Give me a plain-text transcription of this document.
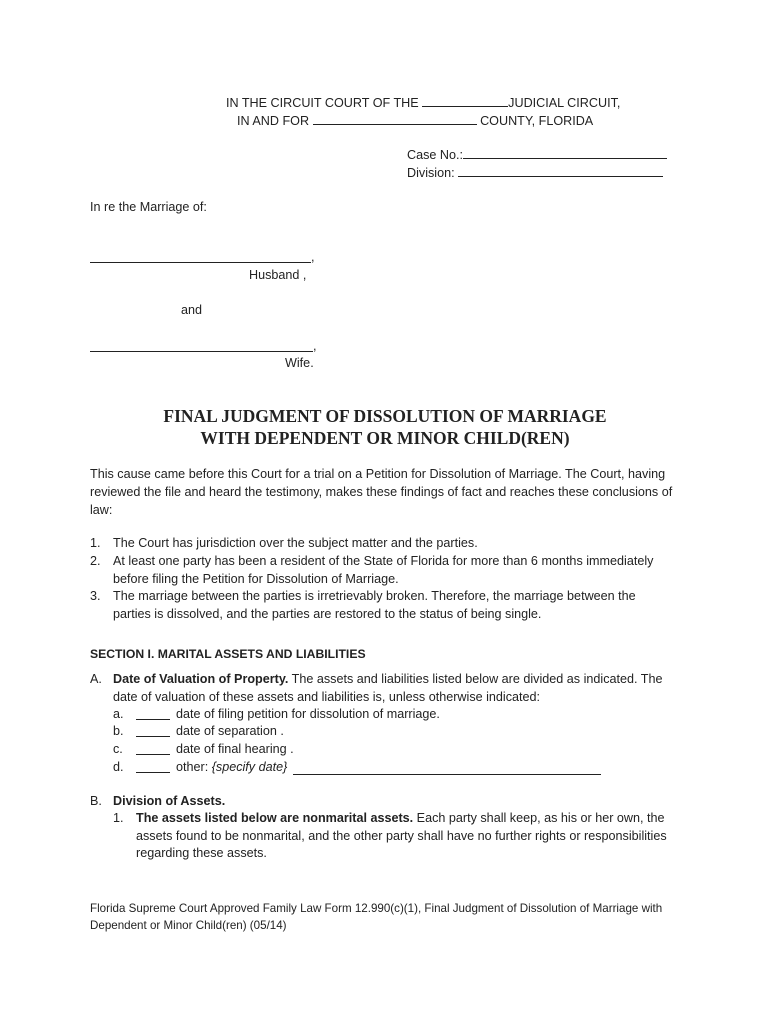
IN THE CIRCUIT COURT OF THE	JUDICIAL CIRCUIT,
IN AND FOR	COUNTY, FLORIDA
Case No.:
Division:
In re the Marriage of:
,
Husband ,
and
,
Wife.
FINAL JUDGMENT OF DISSOLUTION OF MARRIAGE
WITH DEPENDENT OR MINOR CHILD(REN)
This cause came before this Court for a trial on a Petition for Dissolution of Marriage. The Court, having reviewed the file and heard the testimony, makes these findings of fact and reaches these conclusions of law:
1. The Court has jurisdiction over the subject matter and the parties.
2. At least one party has been a resident of the State of Florida for more than 6 months immediately before filing the Petition for Dissolution of Marriage.
3. The marriage between the parties is irretrievably broken. Therefore, the marriage between the parties is dissolved, and the parties are restored to the status of being single.
SECTION I. MARITAL ASSETS AND LIABILITIES
A. Date of Valuation of Property. The assets and liabilities listed below are divided as indicated. The date of valuation of these assets and liabilities is, unless otherwise indicated:
a.	date of filing petition for dissolution of marriage.
b.	date of separation .
c.	date of final hearing .
d.	other: {specify date}
B. Division of Assets.
1. The assets listed below are nonmarital assets. Each party shall keep, as his or her own, the assets found to be nonmarital, and the other party shall have no further rights or responsibilities regarding these assets.
Florida Supreme Court Approved Family Law Form 12.990(c)(1), Final Judgment of Dissolution of Marriage with Dependent or Minor Child(ren) (05/14)
